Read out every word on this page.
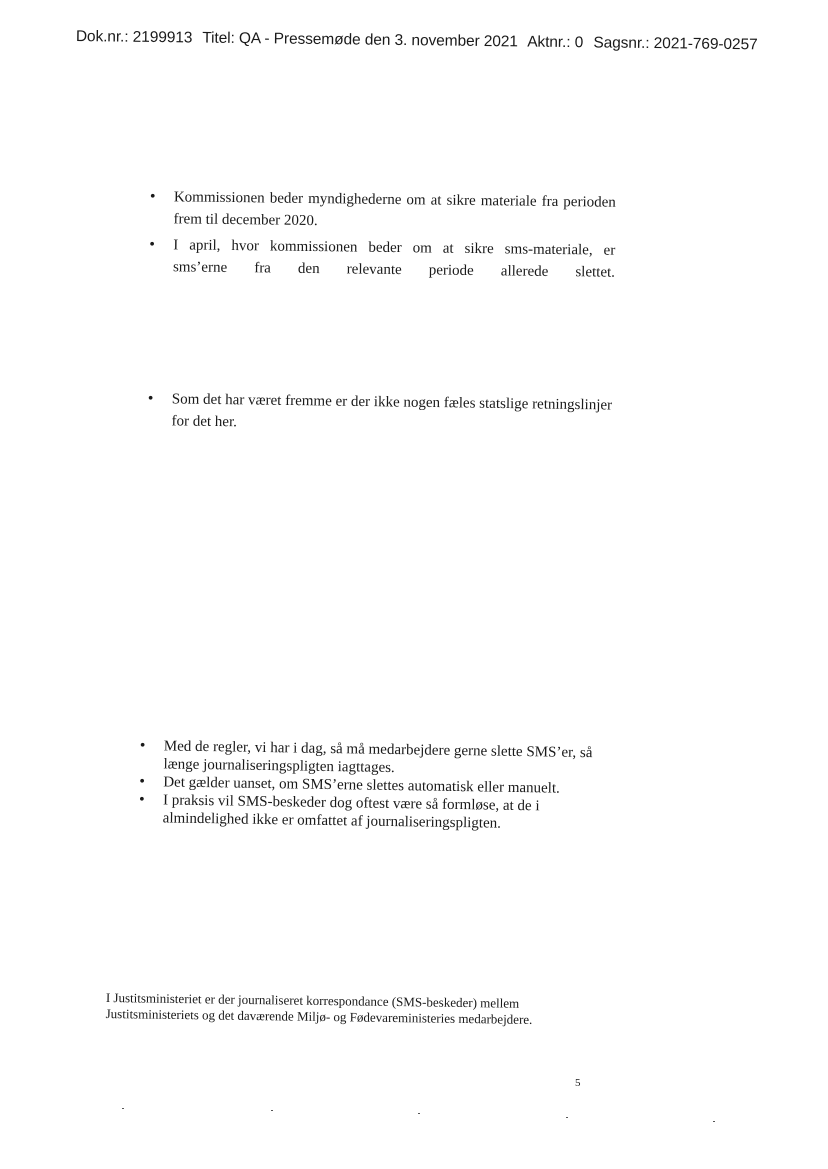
Dok.nr.: 2199913 Titel: QA - Pressemøde den 3. november 2021 Aktnr.: 0 Sagsnr.: 2021-769-0257
• Kommissionen beder myndighederne om at sikre materiale fra perioden frem til december 2020.
• I april, hvor kommissionen beder om at sikre sms-materiale, er sms’erne fra den relevante periode allerede slettet.
• Som det har været fremme er der ikke nogen fæles statslige retningslinjer for det her.
• Med de regler, vi har i dag, så må medarbejdere gerne slette SMS’er, så længe journaliseringspligten iagttages.
• Det gælder uanset, om SMS’erne slettes automatisk eller manuelt.
• I praksis vil SMS-beskeder dog oftest være så formløse, at de i almindelighed ikke er omfattet af journaliseringspligten.
I Justitsministeriet er der journaliseret korrespondance (SMS-beskeder) mellem Justitsministeriets og det daværende Miljø- og Fødevareministeries medarbejdere.
5
